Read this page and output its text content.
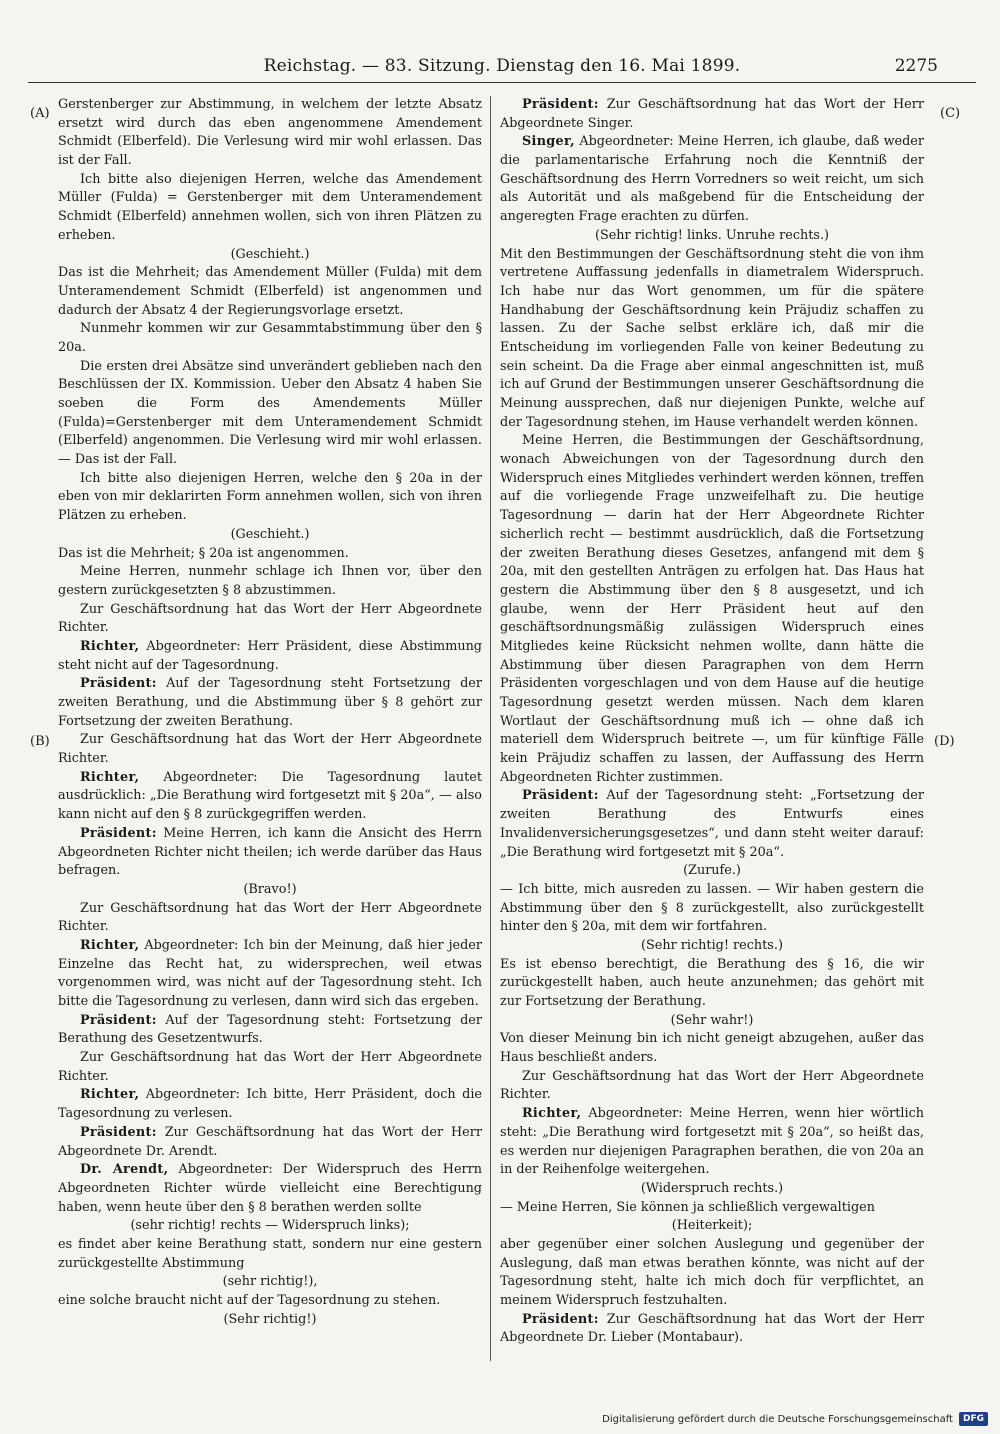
Reichstag. — 83. Sitzung. Dienstag den 16. Mai 1899.	2275
(A)
(B)
(C)
(D)

Gerstenberger zur Abstimmung, in welchem der letzte Absatz ersetzt wird durch das eben angenommene Amendement Schmidt (Elberfeld). Die Verlesung wird mir wohl erlassen. Das ist der Fall.

Ich bitte also diejenigen Herren, welche das Amendement Müller (Fulda) = Gerstenberger mit dem Unteramendement Schmidt (Elberfeld) annehmen wollen, sich von ihren Plätzen zu erheben.

(Geschieht.)

Das ist die Mehrheit; das Amendement Müller (Fulda) mit dem Unteramendement Schmidt (Elberfeld) ist angenommen und dadurch der Absatz 4 der Regierungsvorlage ersetzt.

Nunmehr kommen wir zur Gesammtabstimmung über den § 20a.

Die ersten drei Absätze sind unverändert geblieben nach den Beschlüssen der IX. Kommission. Ueber den Absatz 4 haben Sie soeben die Form des Amendements Müller (Fulda)=Gerstenberger mit dem Unteramendement Schmidt (Elberfeld) angenommen. Die Verlesung wird mir wohl erlassen. — Das ist der Fall.

Ich bitte also diejenigen Herren, welche den § 20a in der eben von mir deklarirten Form annehmen wollen, sich von ihren Plätzen zu erheben.

(Geschieht.)

Das ist die Mehrheit; § 20a ist angenommen.

Meine Herren, nunmehr schlage ich Ihnen vor, über den gestern zurückgesetzten § 8 abzustimmen.

Zur Geschäftsordnung hat das Wort der Herr Abgeordnete Richter.

Richter, Abgeordneter: Herr Präsident, diese Abstimmung steht nicht auf der Tagesordnung.

Präsident: Auf der Tagesordnung steht Fortsetzung der zweiten Berathung, und die Abstimmung über § 8 gehört zur Fortsetzung der zweiten Berathung.

Zur Geschäftsordnung hat das Wort der Herr Abgeordnete Richter.

Richter, Abgeordneter: Die Tagesordnung lautet ausdrücklich: „Die Berathung wird fortgesetzt mit § 20a“, — also kann nicht auf den § 8 zurückgegriffen werden.

Präsident: Meine Herren, ich kann die Ansicht des Herrn Abgeordneten Richter nicht theilen; ich werde darüber das Haus befragen.

(Bravo!)

Zur Geschäftsordnung hat das Wort der Herr Abgeordnete Richter.

Richter, Abgeordneter: Ich bin der Meinung, daß hier jeder Einzelne das Recht hat, zu widersprechen, weil etwas vorgenommen wird, was nicht auf der Tagesordnung steht. Ich bitte die Tagesordnung zu verlesen, dann wird sich das ergeben.

Präsident: Auf der Tagesordnung steht: Fortsetzung der Berathung des Gesetzentwurfs.

Zur Geschäftsordnung hat das Wort der Herr Abgeordnete Richter.

Richter, Abgeordneter: Ich bitte, Herr Präsident, doch die Tagesordnung zu verlesen.

Präsident: Zur Geschäftsordnung hat das Wort der Herr Abgeordnete Dr. Arendt.

Dr. Arendt, Abgeordneter: Der Widerspruch des Herrn Abgeordneten Richter würde vielleicht eine Berechtigung haben, wenn heute über den § 8 berathen werden sollte

(sehr richtig! rechts — Widerspruch links);

es findet aber keine Berathung statt, sondern nur eine gestern zurückgestellte Abstimmung

(sehr richtig!),

eine solche braucht nicht auf der Tagesordnung zu stehen.

(Sehr richtig!)

Präsident: Zur Geschäftsordnung hat das Wort der Herr Abgeordnete Singer.

Singer, Abgeordneter: Meine Herren, ich glaube, daß weder die parlamentarische Erfahrung noch die Kenntniß der Geschäftsordnung des Herrn Vorredners so weit reicht, um sich als Autorität und als maßgebend für die Entscheidung der angeregten Frage erachten zu dürfen.

(Sehr richtig! links. Unruhe rechts.)

Mit den Bestimmungen der Geschäftsordnung steht die von ihm vertretene Auffassung jedenfalls in diametralem Widerspruch. Ich habe nur das Wort genommen, um für die spätere Handhabung der Geschäftsordnung kein Präjudiz schaffen zu lassen. Zu der Sache selbst erkläre ich, daß mir die Entscheidung im vorliegenden Falle von keiner Bedeutung zu sein scheint. Da die Frage aber einmal angeschnitten ist, muß ich auf Grund der Bestimmungen unserer Geschäftsordnung die Meinung aussprechen, daß nur diejenigen Punkte, welche auf der Tagesordnung stehen, im Hause verhandelt werden können.

Meine Herren, die Bestimmungen der Geschäftsordnung, wonach Abweichungen von der Tagesordnung durch den Widerspruch eines Mitgliedes verhindert werden können, treffen auf die vorliegende Frage unzweifelhaft zu. Die heutige Tagesordnung — darin hat der Herr Abgeordnete Richter sicherlich recht — bestimmt ausdrücklich, daß die Fortsetzung der zweiten Berathung dieses Gesetzes, anfangend mit dem § 20a, mit den gestellten Anträgen zu erfolgen hat. Das Haus hat gestern die Abstimmung über den § 8 ausgesetzt, und ich glaube, wenn der Herr Präsident heut auf den geschäftsordnungsmäßig zulässigen Widerspruch eines Mitgliedes keine Rücksicht nehmen wollte, dann hätte die Abstimmung über diesen Paragraphen von dem Herrn Präsidenten vorgeschlagen und von dem Hause auf die heutige Tagesordnung gesetzt werden müssen. Nach dem klaren Wortlaut der Geschäftsordnung muß ich — ohne daß ich materiell dem Widerspruch beitrete —, um für künftige Fälle kein Präjudiz schaffen zu lassen, der Auffassung des Herrn Abgeordneten Richter zustimmen.

Präsident: Auf der Tagesordnung steht: „Fortsetzung der zweiten Berathung des Entwurfs eines Invalidenversicherungsgesetzes“, und dann steht weiter darauf: „Die Berathung wird fortgesetzt mit § 20a“.

(Zurufe.)

— Ich bitte, mich ausreden zu lassen. — Wir haben gestern die Abstimmung über den § 8 zurückgestellt, also zurückgestellt hinter den § 20a, mit dem wir fortfahren.

(Sehr richtig! rechts.)

Es ist ebenso berechtigt, die Berathung des § 16, die wir zurückgestellt haben, auch heute anzunehmen; das gehört mit zur Fortsetzung der Berathung.

(Sehr wahr!)

Von dieser Meinung bin ich nicht geneigt abzugehen, außer das Haus beschließt anders.

Zur Geschäftsordnung hat das Wort der Herr Abgeordnete Richter.

Richter, Abgeordneter: Meine Herren, wenn hier wörtlich steht: „Die Berathung wird fortgesetzt mit § 20a“, so heißt das, es werden nur diejenigen Paragraphen berathen, die von 20a an in der Reihenfolge weitergehen.

(Widerspruch rechts.)

— Meine Herren, Sie können ja schließlich vergewaltigen

(Heiterkeit);

aber gegenüber einer solchen Auslegung und gegenüber der Auslegung, daß man etwas berathen könnte, was nicht auf der Tagesordnung steht, halte ich mich doch für verpflichtet, an meinem Widerspruch festzuhalten.

Präsident: Zur Geschäftsordnung hat das Wort der Herr Abgeordnete Dr. Lieber (Montabaur).

Digitalisierung gefördert durch die Deutsche Forschungsgemeinschaft	DFG
